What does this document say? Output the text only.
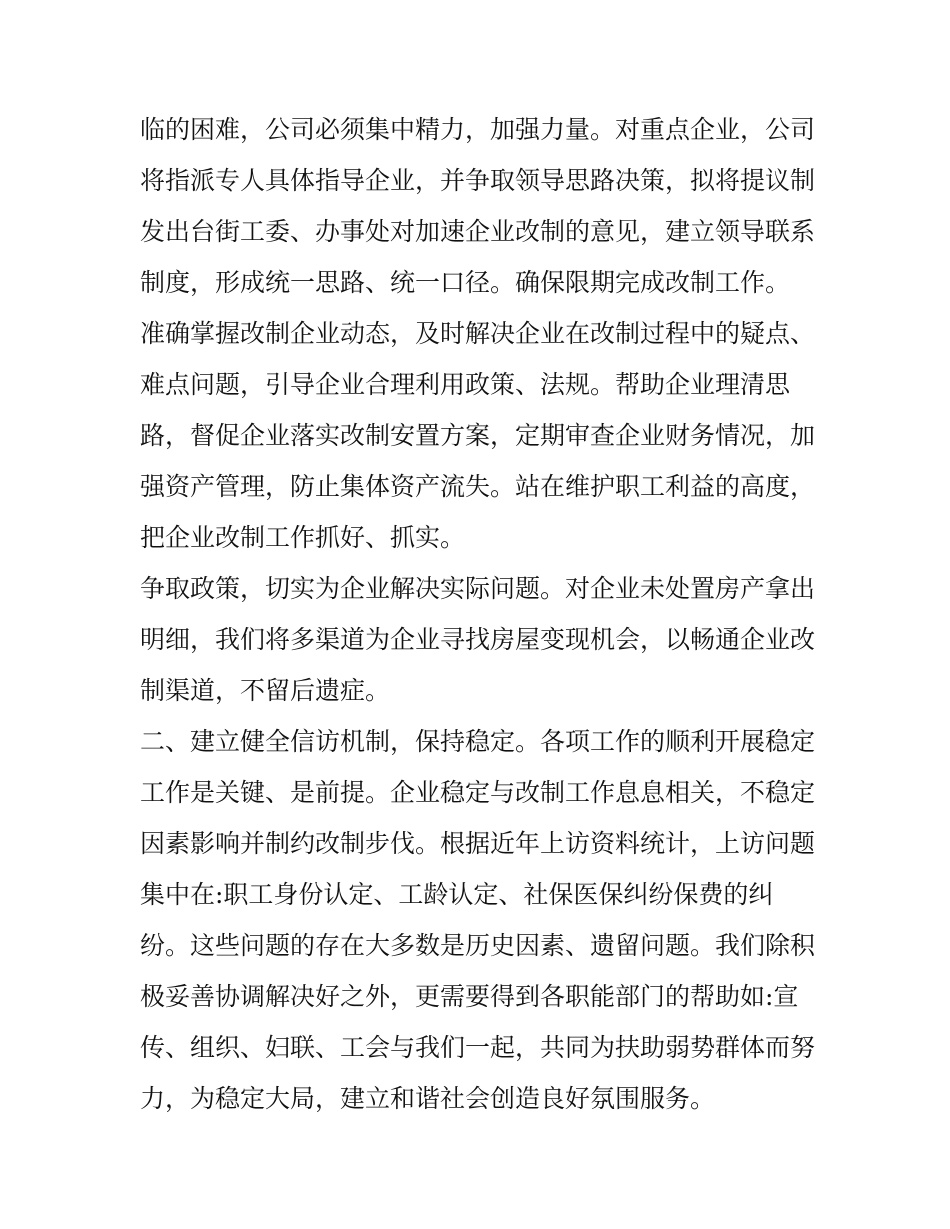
临的困难，公司必须集中精力，加强力量。对重点企业，公司
将指派专人具体指导企业，并争取领导思路决策，拟将提议制
发出台街工委、办事处对加速企业改制的意见，建立领导联系
制度，形成统一思路、统一口径。确保限期完成改制工作。
准确掌握改制企业动态，及时解决企业在改制过程中的疑点、
难点问题，引导企业合理利用政策、法规。帮助企业理清思
路，督促企业落实改制安置方案，定期审查企业财务情况，加
强资产管理，防止集体资产流失。站在维护职工利益的高度，
把企业改制工作抓好、抓实。
争取政策，切实为企业解决实际问题。对企业未处置房产拿出
明细，我们将多渠道为企业寻找房屋变现机会，以畅通企业改
制渠道，不留后遗症。
二、建立健全信访机制，保持稳定。各项工作的顺利开展稳定
工作是关键、是前提。企业稳定与改制工作息息相关，不稳定
因素影响并制约改制步伐。根据近年上访资料统计，上访问题
集中在:职工身份认定、工龄认定、社保医保纠纷保费的纠
纷。这些问题的存在大多数是历史因素、遗留问题。我们除积
极妥善协调解决好之外，更需要得到各职能部门的帮助如:宣
传、组织、妇联、工会与我们一起，共同为扶助弱势群体而努
力，为稳定大局，建立和谐社会创造良好氛围服务。
